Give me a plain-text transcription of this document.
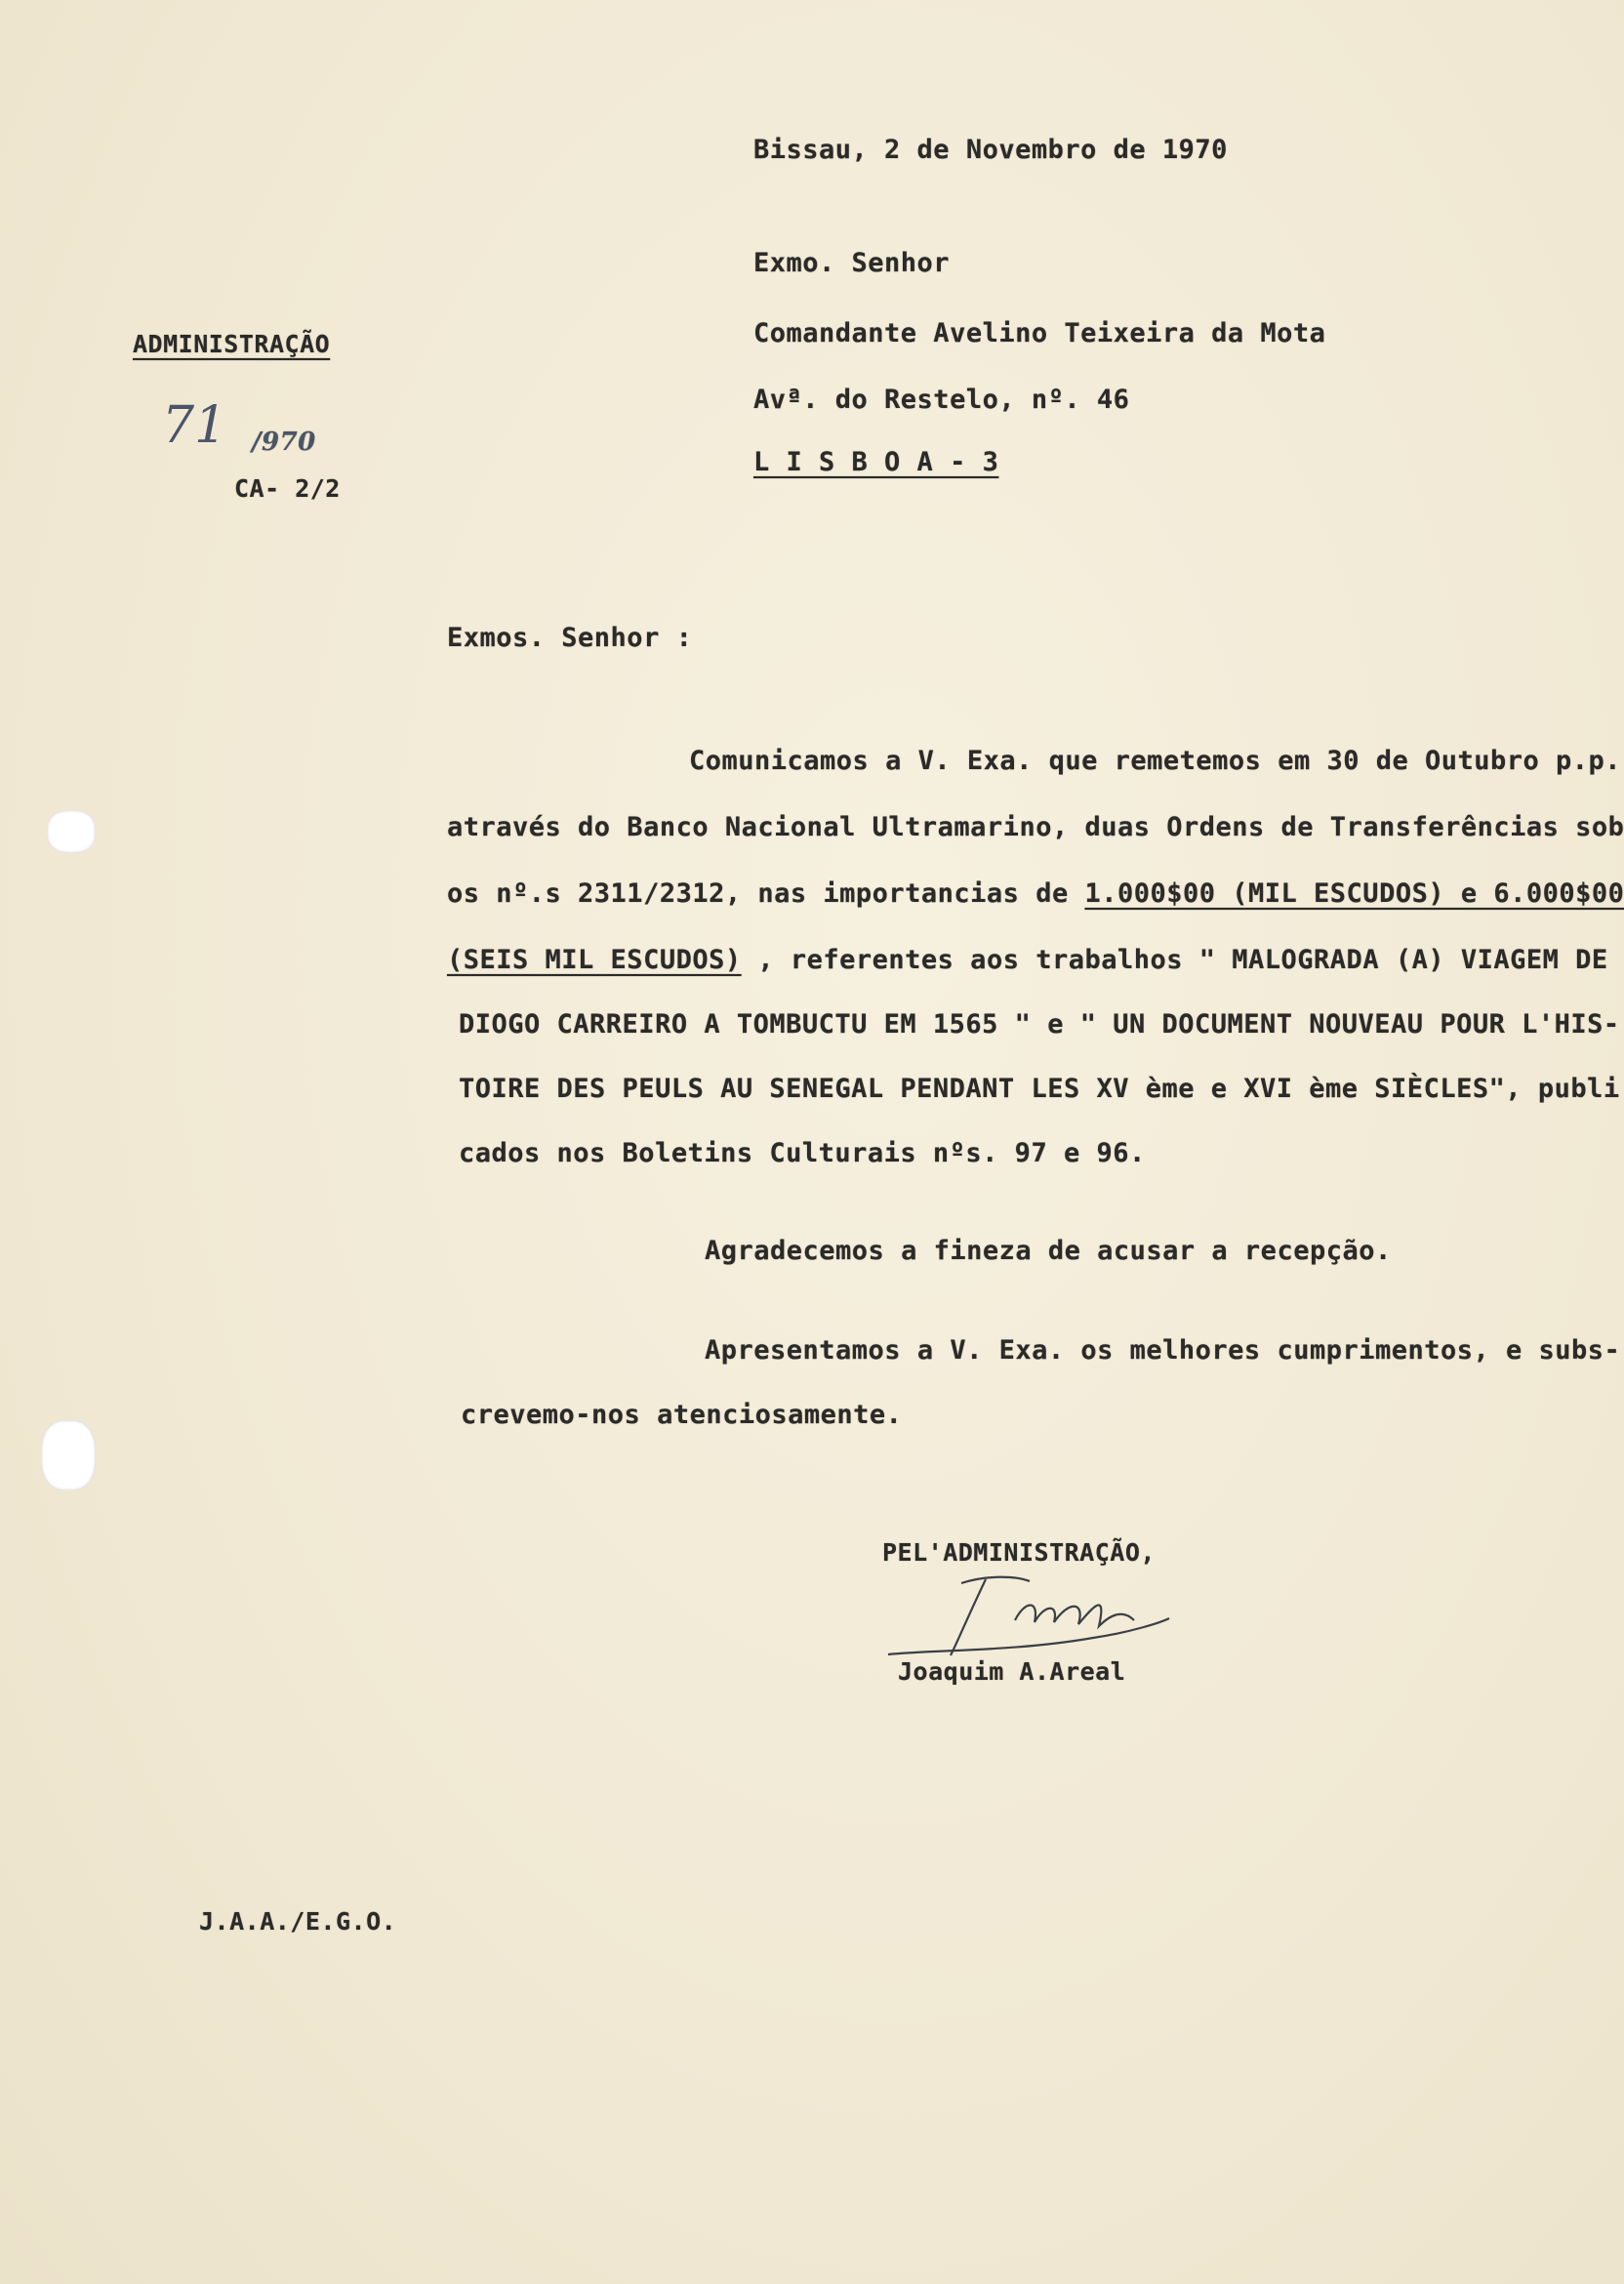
ADMINISTRAÇÃO
71 /970
CA- 2/2
Bissau, 2 de Novembro de 1970
Exmo. Senhor
Comandante Avelino Teixeira da Mota
Avª. do Restelo, nº. 46
L I S B O A - 3
Exmos. Senhor :
Comunicamos a V. Exa. que remetemos em 30 de Outubro p.p.
através do Banco Nacional Ultramarino, duas Ordens de Transferências sob
os nº.s 2311/2312, nas importancias de 1.000$00 (MIL ESCUDOS) e 6.000$00
(SEIS MIL ESCUDOS) , referentes aos trabalhos " MALOGRADA (A) VIAGEM DE
DIOGO CARREIRO A TOMBUCTU EM 1565 " e " UN DOCUMENT NOUVEAU POUR L'HIS-
TOIRE DES PEULS AU SENEGAL PENDANT LES XV ème e XVI ème SIÈCLES", publi
cados nos Boletins Culturais nºs. 97 e 96.
Agradecemos a fineza de acusar a recepção.
Apresentamos a V. Exa. os melhores cumprimentos, e subs-
crevemo-nos atenciosamente.
PEL'ADMINISTRAÇÃO,
Joaquim A.Areal
J.A.A./E.G.O.
